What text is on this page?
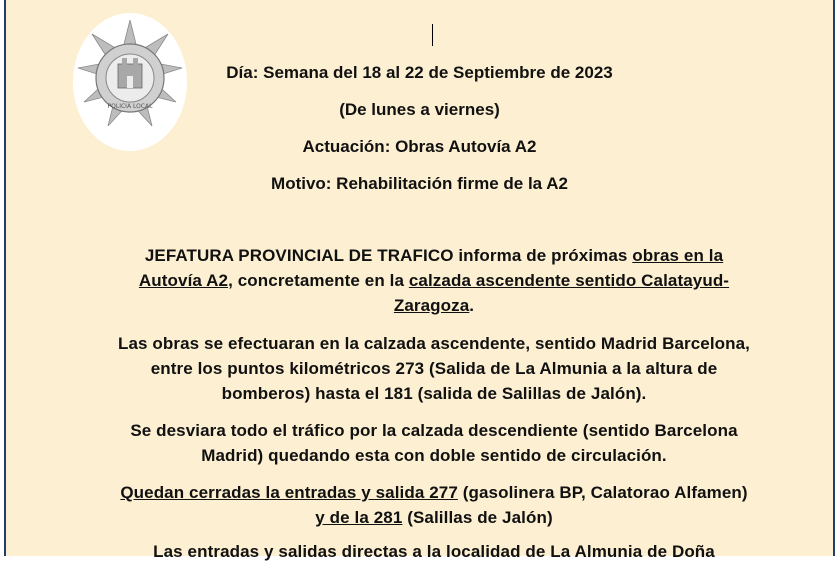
POLICIA LOCAL
Día: Semana del 18 al 22 de Septiembre de 2023
(De lunes a viernes)
Actuación: Obras Autovía A2
Motivo: Rehabilitación firme de la A2
JEFATURA PROVINCIAL DE TRAFICO informa de próximas obras en la Autovía A2, concretamente en la calzada ascendente sentido Calatayud-Zaragoza.
Las obras se efectuaran en la calzada ascendente, sentido Madrid Barcelona, entre los puntos kilométricos 273 (Salida de La Almunia a la altura de bomberos) hasta el 181 (salida de Salillas de Jalón).
Se desviara todo el tráfico por la calzada descendiente (sentido Barcelona Madrid) quedando esta con doble sentido de circulación.
Quedan cerradas la entradas y salida 277 (gasolinera BP, Calatorao Alfamen) y de la 281 (Salillas de Jalón)
Las entradas y salidas directas a la localidad de La Almunia de Doña
